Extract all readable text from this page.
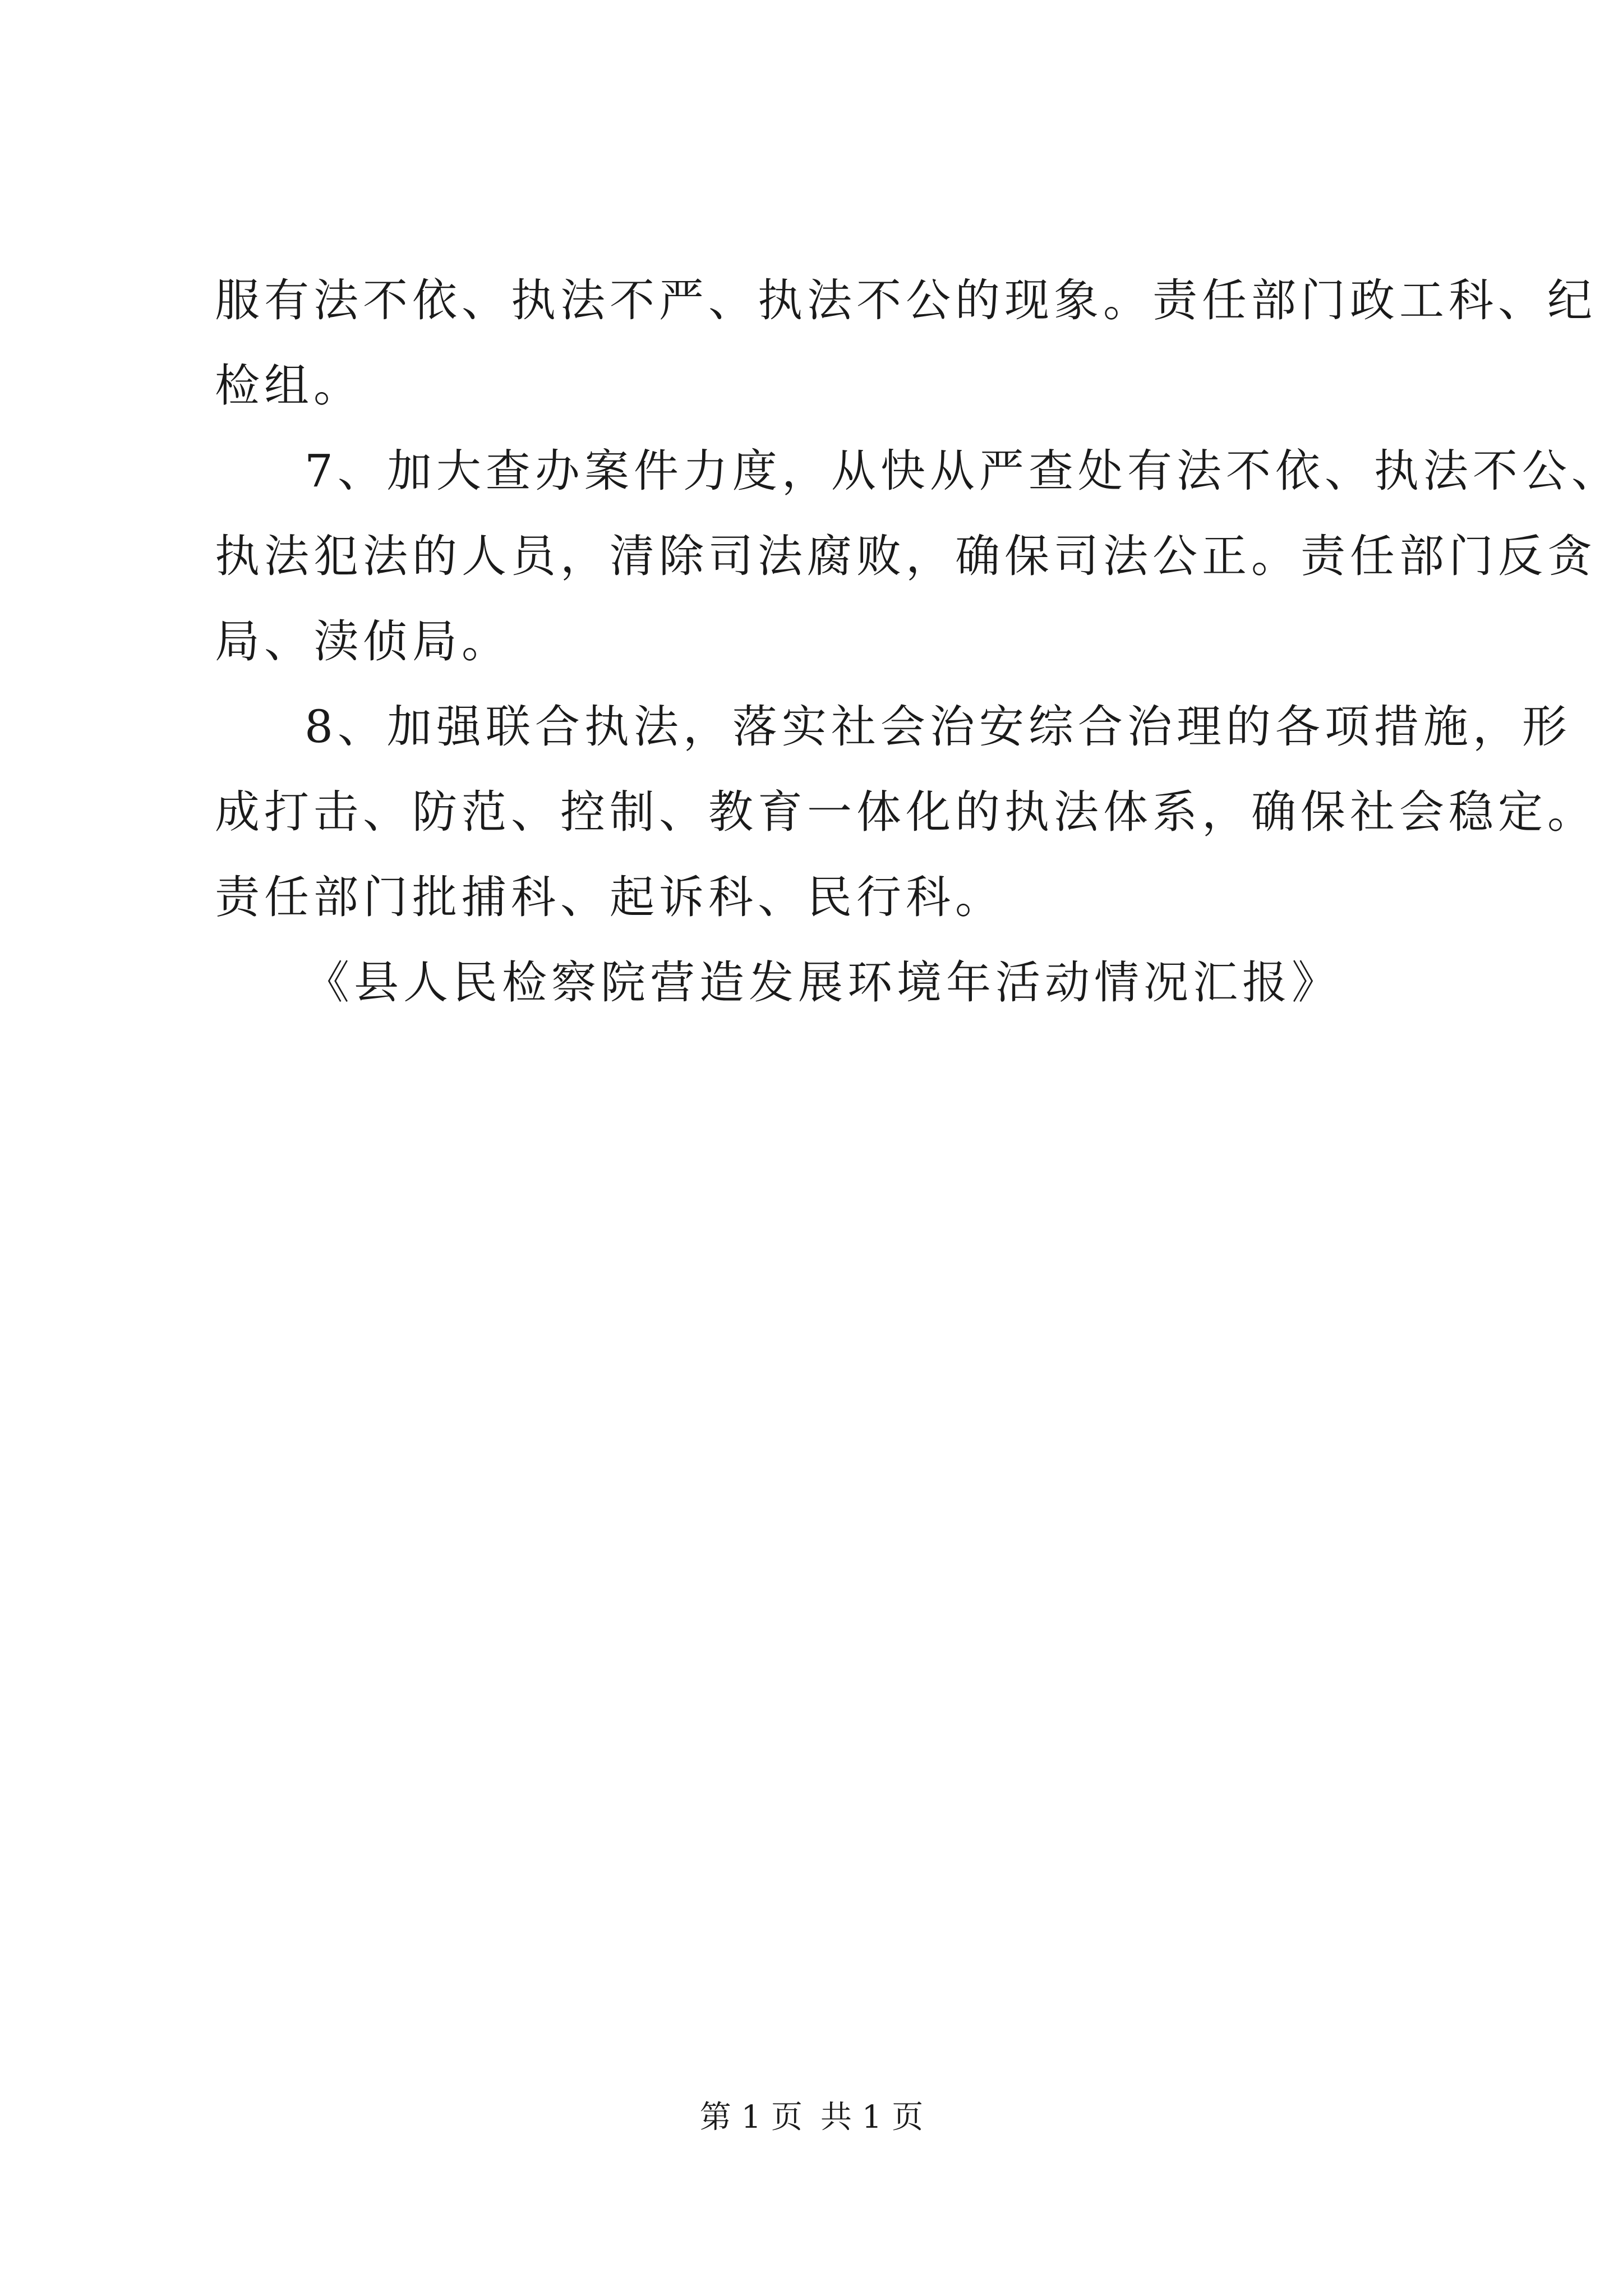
服有法不依、执法不严、执法不公的现象。责任部门政工科、纪
检组。
7、加大查办案件力度，从快从严查处有法不依、执法不公、
执法犯法的人员，清除司法腐败，确保司法公正。责任部门反贪
局、渎侦局。
8、加强联合执法，落实社会治安综合治理的各项措施，形
成打击、防范、控制、教育一体化的执法体系，确保社会稳定。
责任部门批捕科、起诉科、民行科。
《县人民检察院营造发展环境年活动情况汇报》
第 1 页 共 1 页
